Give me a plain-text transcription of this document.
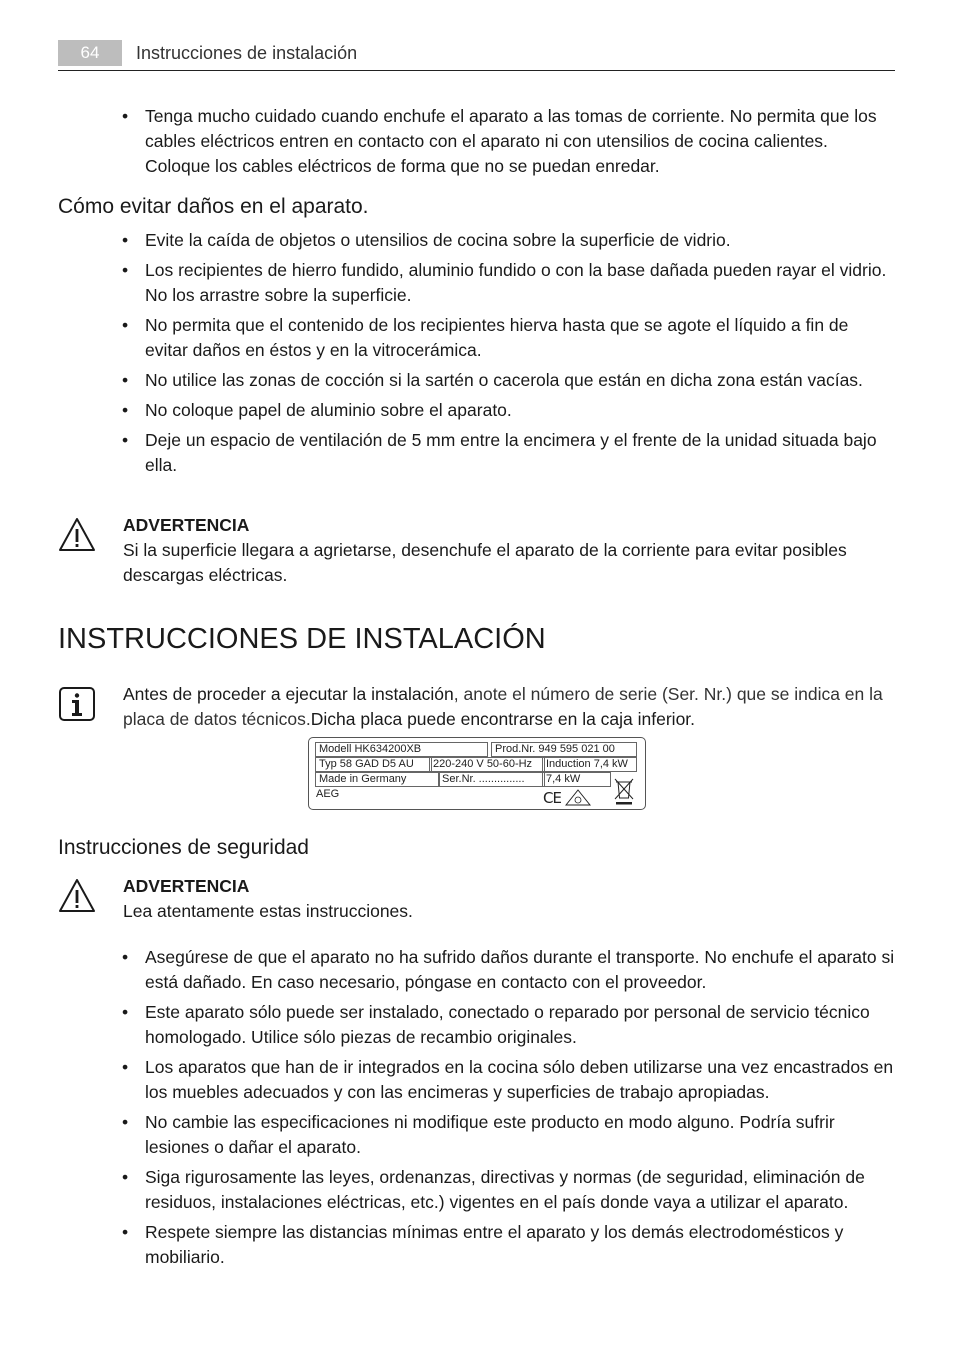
64	Instrucciones de instalación
• Tenga mucho cuidado cuando enchufe el aparato a las tomas de corriente. No permita que los cables eléctricos entren en contacto con el aparato ni con utensilios de cocina calientes. Coloque los cables eléctricos de forma que no se puedan enredar.
Cómo evitar daños en el aparato.
• Evite la caída de objetos o utensilios de cocina sobre la superficie de vidrio.
• Los recipientes de hierro fundido, aluminio fundido o con la base dañada pueden rayar el vidrio. No los arrastre sobre la superficie.
• No permita que el contenido de los recipientes hierva hasta que se agote el líquido a fin de evitar daños en éstos y en la vitrocerámica.
• No utilice las zonas de cocción si la sartén o cacerola que están en dicha zona están vacías.
• No coloque papel de aluminio sobre el aparato.
• Deje un espacio de ventilación de 5 mm entre la encimera y el frente de la unidad situada bajo ella.
ADVERTENCIA
Si la superficie llegara a agrietarse, desenchufe el aparato de la corriente para evitar posibles descargas eléctricas.
INSTRUCCIONES DE INSTALACIÓN
Antes de proceder a ejecutar la instalación, anote el número de serie (Ser. Nr.) que se indica en la placa de datos técnicos.Dicha placa puede encontrarse en la caja inferior.
Modell HK634200XB	Prod.Nr. 949 595 021 00
Typ 58 GAD D5 AU	220-240 V 50-60-Hz	Induction 7,4 kW
Made in Germany	Ser.Nr. ...............	7,4 kW
AEG	CE
Instrucciones de seguridad
ADVERTENCIA
Lea atentamente estas instrucciones.
• Asegúrese de que el aparato no ha sufrido daños durante el transporte. No enchufe el aparato si está dañado. En caso necesario, póngase en contacto con el proveedor.
• Este aparato sólo puede ser instalado, conectado o reparado por personal de servicio técnico homologado. Utilice sólo piezas de recambio originales.
• Los aparatos que han de ir integrados en la cocina sólo deben utilizarse una vez encastrados en los muebles adecuados y con las encimeras y superficies de trabajo apropiadas.
• No cambie las especificaciones ni modifique este producto en modo alguno. Podría sufrir lesiones o dañar el aparato.
• Siga rigurosamente las leyes, ordenanzas, directivas y normas (de seguridad, eliminación de residuos, instalaciones eléctricas, etc.) vigentes en el país donde vaya a utilizar el aparato.
• Respete siempre las distancias mínimas entre el aparato y los demás electrodomésticos y mobiliario.
